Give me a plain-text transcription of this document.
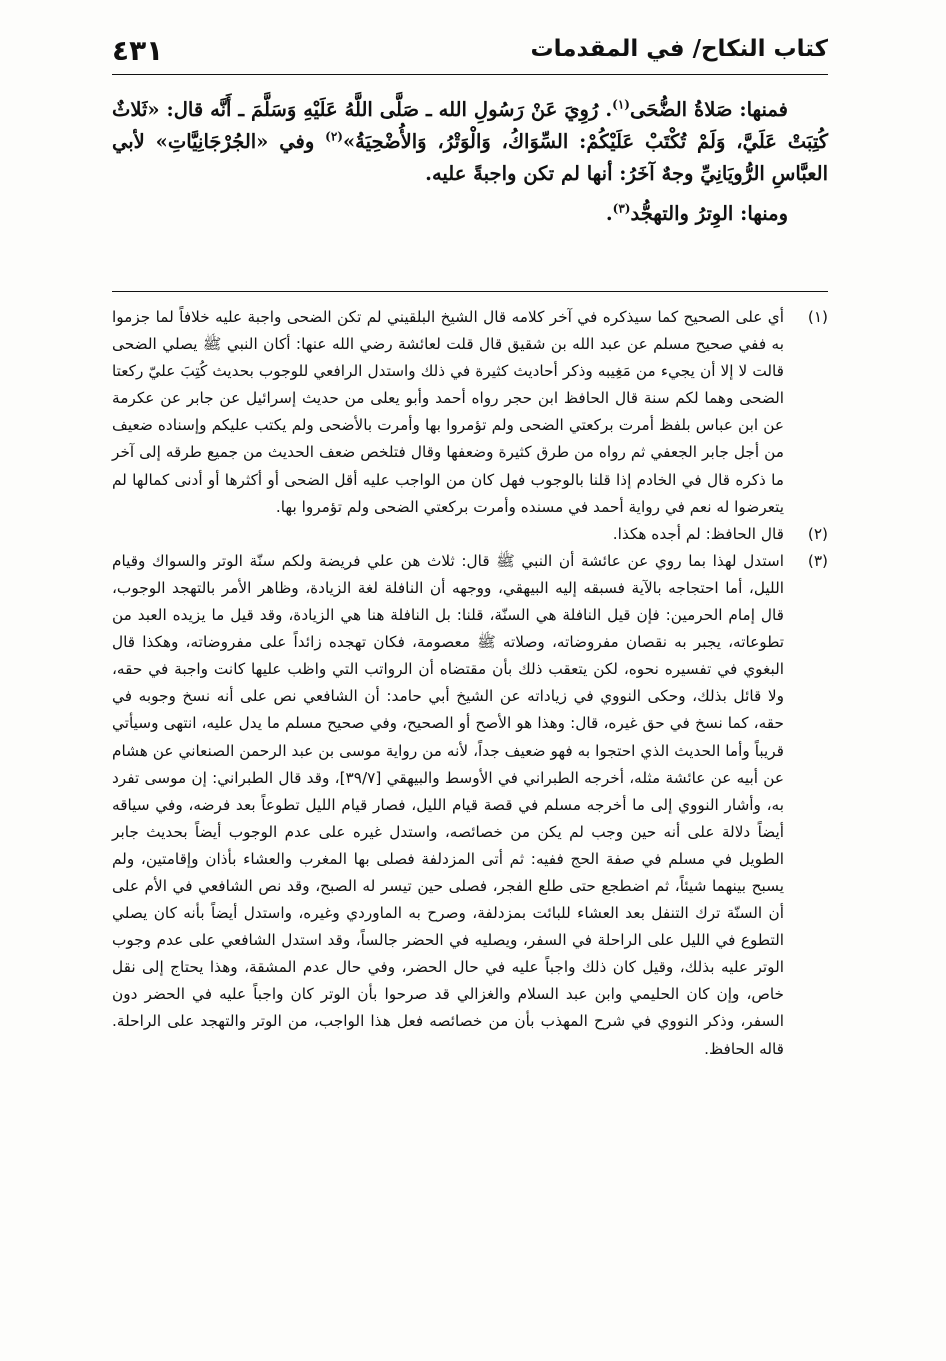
كتاب النكاح/ في المقدمات
٤٣١

فمنها: صَلاةُ الضُّحَى$^{(١)}$. رُوِيَ عَنْ رَسُولِ الله ـ صَلَّى اللَّهُ عَلَيْهِ وَسَلَّمَ ـ أَنَّه قال: «ثَلاثٌ كُتِبَتْ عَلَيَّ، وَلَمْ تُكْتَبْ عَلَيْكُمْ: السِّوَاكُ، وَالْوَتْرُ، وَالأُضْحِيَةُ»$^{(٢)}$ وفي «الجُرْجَانِيَّاتِ» لأبي العبَّاسِ الرُّويَانِيِّ وجهٌ آخَرُ: أنها لم تكن واجبةً عليه.

ومنها: الوِترُ والتهجُّد$^{(٣)}$.

(١)

أي على الصحيح كما سيذكره في آخر كلامه قال الشيخ البلقيني لم تكن الضحى واجبة عليه خلافاً لما جزموا به ففي صحيح مسلم عن عبد الله بن شقيق قال قلت لعائشة رضي الله عنها: أكان النبي ﷺ يصلي الضحى قالت لا إلا أن يجيء من مَغِيبه وذكر أحاديث كثيرة في ذلك واستدل الرافعي للوجوب بحديث كُتِبَ عليّ ركعتا الضحى وهما لكم سنة قال الحافظ ابن حجر رواه أحمد وأبو يعلى من حديث إسرائيل عن جابر عن عكرمة عن ابن عباس بلفظ أمرت بركعتي الضحى ولم تؤمروا بها وأمرت بالأضحى ولم يكتب عليكم وإسناده ضعيف من أجل جابر الجعفي ثم رواه من طرق كثيرة وضعفها وقال فتلخص ضعف الحديث من جميع طرقه إلى آخر ما ذكره قال في الخادم إذا قلنا بالوجوب فهل كان من الواجب عليه أقل الضحى أو أكثرها أو أدنى كمالها لم يتعرضوا له نعم في رواية أحمد في مسنده وأمرت بركعتي الضحى ولم تؤمروا بها.

(٢)

قال الحافظ: لم أجده هكذا.

(٣)

استدل لهذا بما روي عن عائشة أن النبي ﷺ قال: ثلاث هن علي فريضة ولكم سنّة الوتر والسواك وقيام الليل، أما احتجاجه بالآية فسبقه إليه البيهقي، ووجهه أن النافلة لغة الزيادة، وظاهر الأمر بالتهجد الوجوب، قال إمام الحرمين: فإن قيل النافلة هي السنّة، قلنا: بل النافلة هنا هي الزيادة، وقد قيل ما يزيده العبد من تطوعاته، يجبر به نقصان مفروضاته، وصلاته ﷺ معصومة، فكان تهجده زائداً على مفروضاته، وهكذا قال البغوي في تفسيره نحوه، لكن يتعقب ذلك بأن مقتضاه أن الرواتب التي واظب عليها كانت واجبة في حقه، ولا قائل بذلك، وحكى النووي في زياداته عن الشيخ أبي حامد: أن الشافعي نص على أنه نسخ وجوبه في حقه، كما نسخ في حق غيره، قال: وهذا هو الأصح أو الصحيح، وفي صحيح مسلم ما يدل عليه، انتهى وسيأتي قريباً وأما الحديث الذي احتجوا به فهو ضعيف جداً، لأنه من رواية موسى بن عبد الرحمن الصنعاني عن هشام عن أبيه عن عائشة مثله، أخرجه الطبراني في الأوسط والبيهقي [٣٩/٧]، وقد قال الطبراني: إن موسى تفرد به، وأشار النووي إلى ما أخرجه مسلم في قصة قيام الليل، فصار قيام الليل تطوعاً بعد فرضه، وفي سياقه أيضاً دلالة على أنه حين وجب لم يكن من خصائصه، واستدل غيره على عدم الوجوب أيضاً بحديث جابر الطويل في مسلم في صفة الحج ففيه: ثم أتى المزدلفة فصلى بها المغرب والعشاء بأذان وإقامتين، ولم يسبح بينهما شيئاً، ثم اضطجع حتى طلع الفجر، فصلى حين تيسر له الصبح، وقد نص الشافعي في الأم على أن السنّة ترك التنفل بعد العشاء للبائت بمزدلفة، وصرح به الماوردي وغيره، واستدل أيضاً بأنه كان يصلي التطوع في الليل على الراحلة في السفر، ويصليه في الحضر جالساً، وقد استدل الشافعي على عدم وجوب الوتر عليه بذلك، وقيل كان ذلك واجباً عليه في حال الحضر، وفي حال عدم المشقة، وهذا يحتاج إلى نقل خاص، وإن كان الحليمي وابن عبد السلام والغزالي قد صرحوا بأن الوتر كان واجباً عليه في الحضر دون السفر، وذكر النووي في شرح المهذب بأن من خصائصه فعل هذا الواجب، من الوتر والتهجد على الراحلة. قاله الحافظ.
